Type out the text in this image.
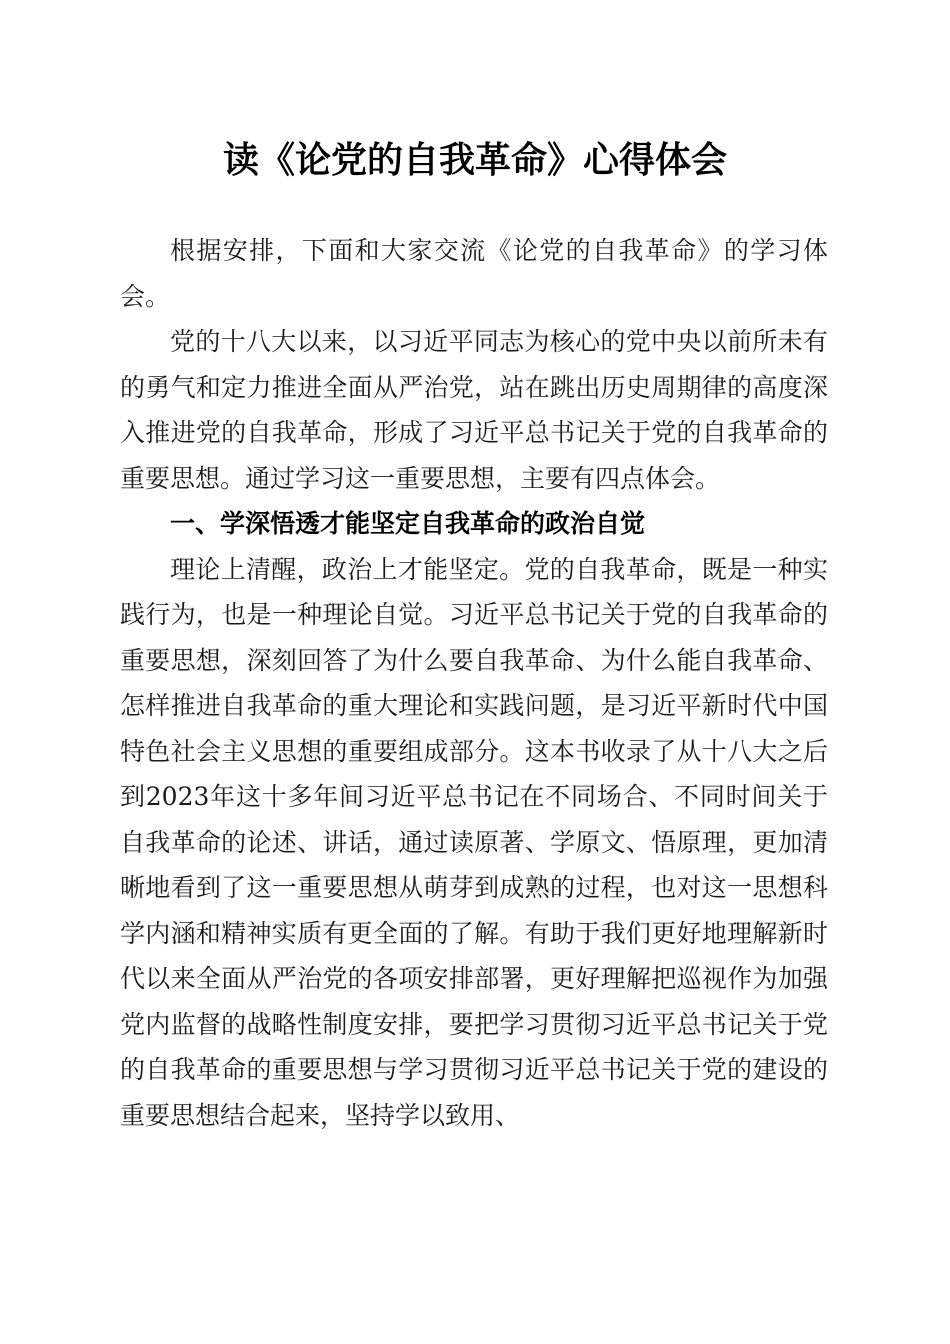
读《论党的自我革命》心得体会

根据安排，下面和大家交流《论党的自我革命》的学习体会。

党的十八大以来，以习近平同志为核心的党中央以前所未有的勇气和定力推进全面从严治党，站在跳出历史周期律的高度深入推进党的自我革命，形成了习近平总书记关于党的自我革命的重要思想。通过学习这一重要思想，主要有四点体会。

一、学深悟透才能坚定自我革命的政治自觉

理论上清醒，政治上才能坚定。党的自我革命，既是一种实践行为，也是一种理论自觉。习近平总书记关于党的自我革命的重要思想，深刻回答了为什么要自我革命、为什么能自我革命、怎样推进自我革命的重大理论和实践问题，是习近平新时代中国特色社会主义思想的重要组成部分。这本书收录了从十八大之后到2023年这十多年间习近平总书记在不同场合、不同时间关于自我革命的论述、讲话，通过读原著、学原文、悟原理，更加清晰地看到了这一重要思想从萌芽到成熟的过程，也对这一思想科学内涵和精神实质有更全面的了解。有助于我们更好地理解新时代以来全面从严治党的各项安排部署，更好理解把巡视作为加强党内监督的战略性制度安排，要把学习贯彻习近平总书记关于党的自我革命的重要思想与学习贯彻习近平总书记关于党的建设的重要思想结合起来，坚持学以致用、
